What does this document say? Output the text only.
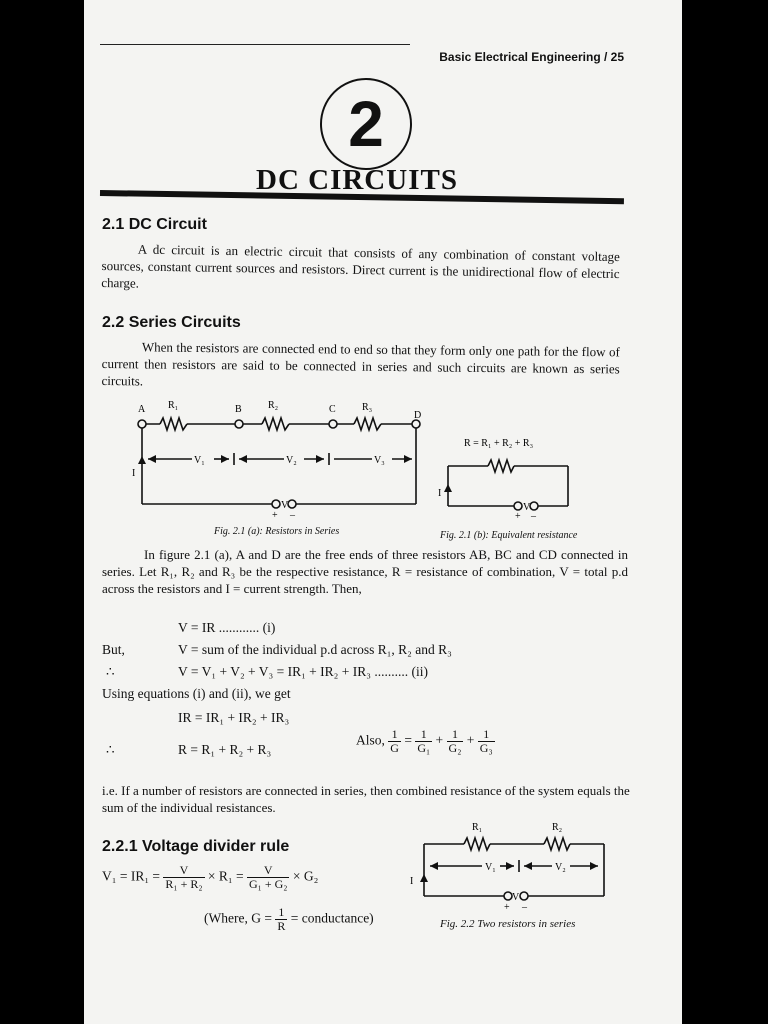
Basic Electrical Engineering / 25
2
DC CIRCUITS
2.1 DC Circuit
A dc circuit is an electric circuit that consists of any combination of constant voltage sources, constant current sources and resistors. Direct current is the unidirectional flow of electric charge.
2.2 Series Circuits
When the resistors are connected end to end so that they form only one path for the flow of current then resistors are said to be connected in series and such circuits are known as series circuits.
A	B	C
D
R₁	R₂	R₃
V₁	V₂	V₃
I
V
+ –
R = R₁ + R₂ + R₃
I
V
+ –
Fig. 2.1 (a): Resistors in Series	Fig. 2.1 (b): Equivalent resistance
In figure 2.1 (a), A and D are the free ends of three resistors AB, BC and CD connected in series. Let R₁, R₂ and R₃ be the respective resistance, R = resistance of combination, V = total p.d across the resistors and I = current strength. Then,
V = IR ............ (i)
But,	V = sum of the individual p.d across R₁, R₂ and R₃
∴	V = V₁ + V₂ + V₃ = IR₁ + IR₂ + IR₃ .......... (ii)
Using equations (i) and (ii), we get
IR = IR₁ + IR₂ + IR₃
∴	R = R₁ + R₂ + R₃
Also, $\frac{1}{G} = \frac{1}{\text{G₁}} + \frac{1}{\text{G₂}} + \frac{1}{\text{G₃}}$
i.e. If a number of resistors are connected in series, then combined resistance of the system equals the sum of the individual resistances.
2.2.1 Voltage divider rule
$V_1 = IR_1 = \frac{V}{\text{R₁ + R₂}} \times R_1 = \frac{V}{\text{G₁ + G₂}} \times G_2$
(Where, $G = \frac{1}{R}$ = conductance)
R₁	R₂
V₁	V₂
I
V
+ –
Fig. 2.2 Two resistors in series
